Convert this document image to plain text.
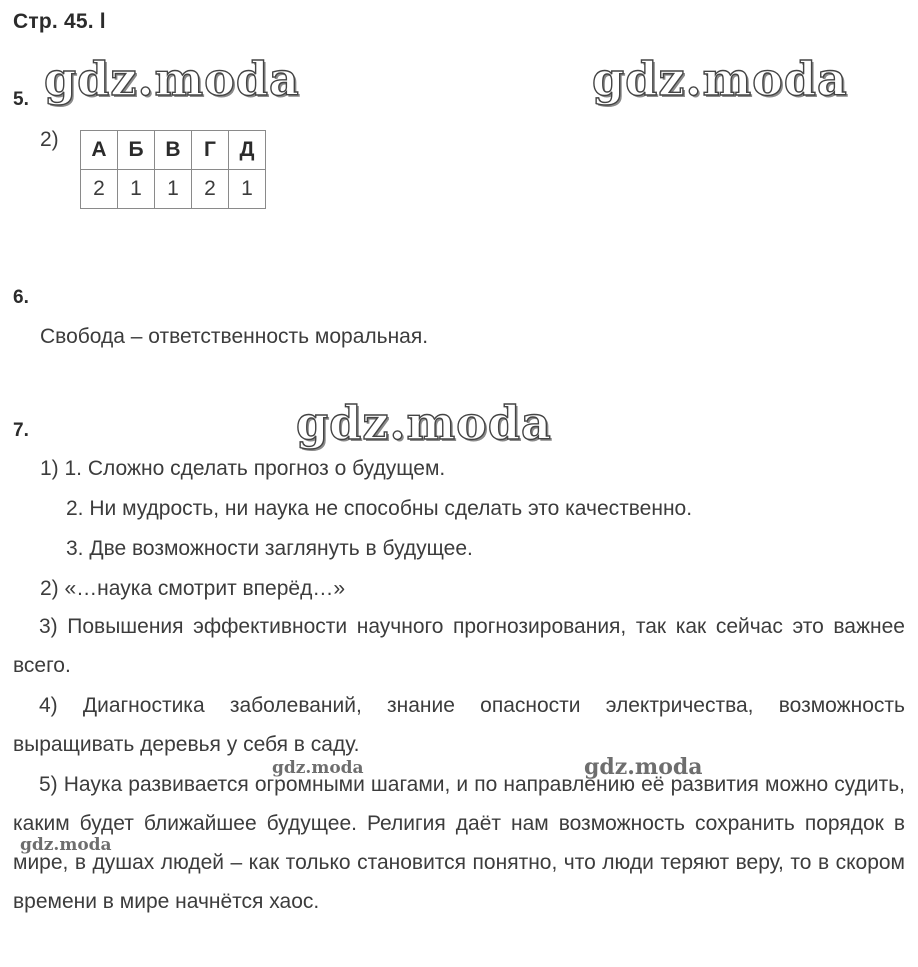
Стр. 45. l
gdz.moda	gdz.moda
gdz.moda
gdz.moda	gdz.moda
gdz.moda
5.
2) А	Б	В	Г	Д
2	1	1	2	1
6.
Свобода – ответственность моральная.
7.
1) 1. Сложно сделать прогноз о будущем.
2. Ни мудрость, ни наука не способны сделать это качественно.
3. Две возможности заглянуть в будущее.
2) «…наука смотрит вперёд…»
3) Повышения эффективности научного прогнозирования, так как сейчас это важнее всего.
4) Диагностика заболеваний, знание опасности электричества, возможность выращивать деревья у себя в саду.
5) Наука развивается огромными шагами, и по направлению её развития можно судить, каким будет ближайшее будущее. Религия даёт нам возможность сохранить порядок в мире, в душах людей – как только становится понятно, что люди теряют веру, то в скором времени в мире начнётся хаос.
